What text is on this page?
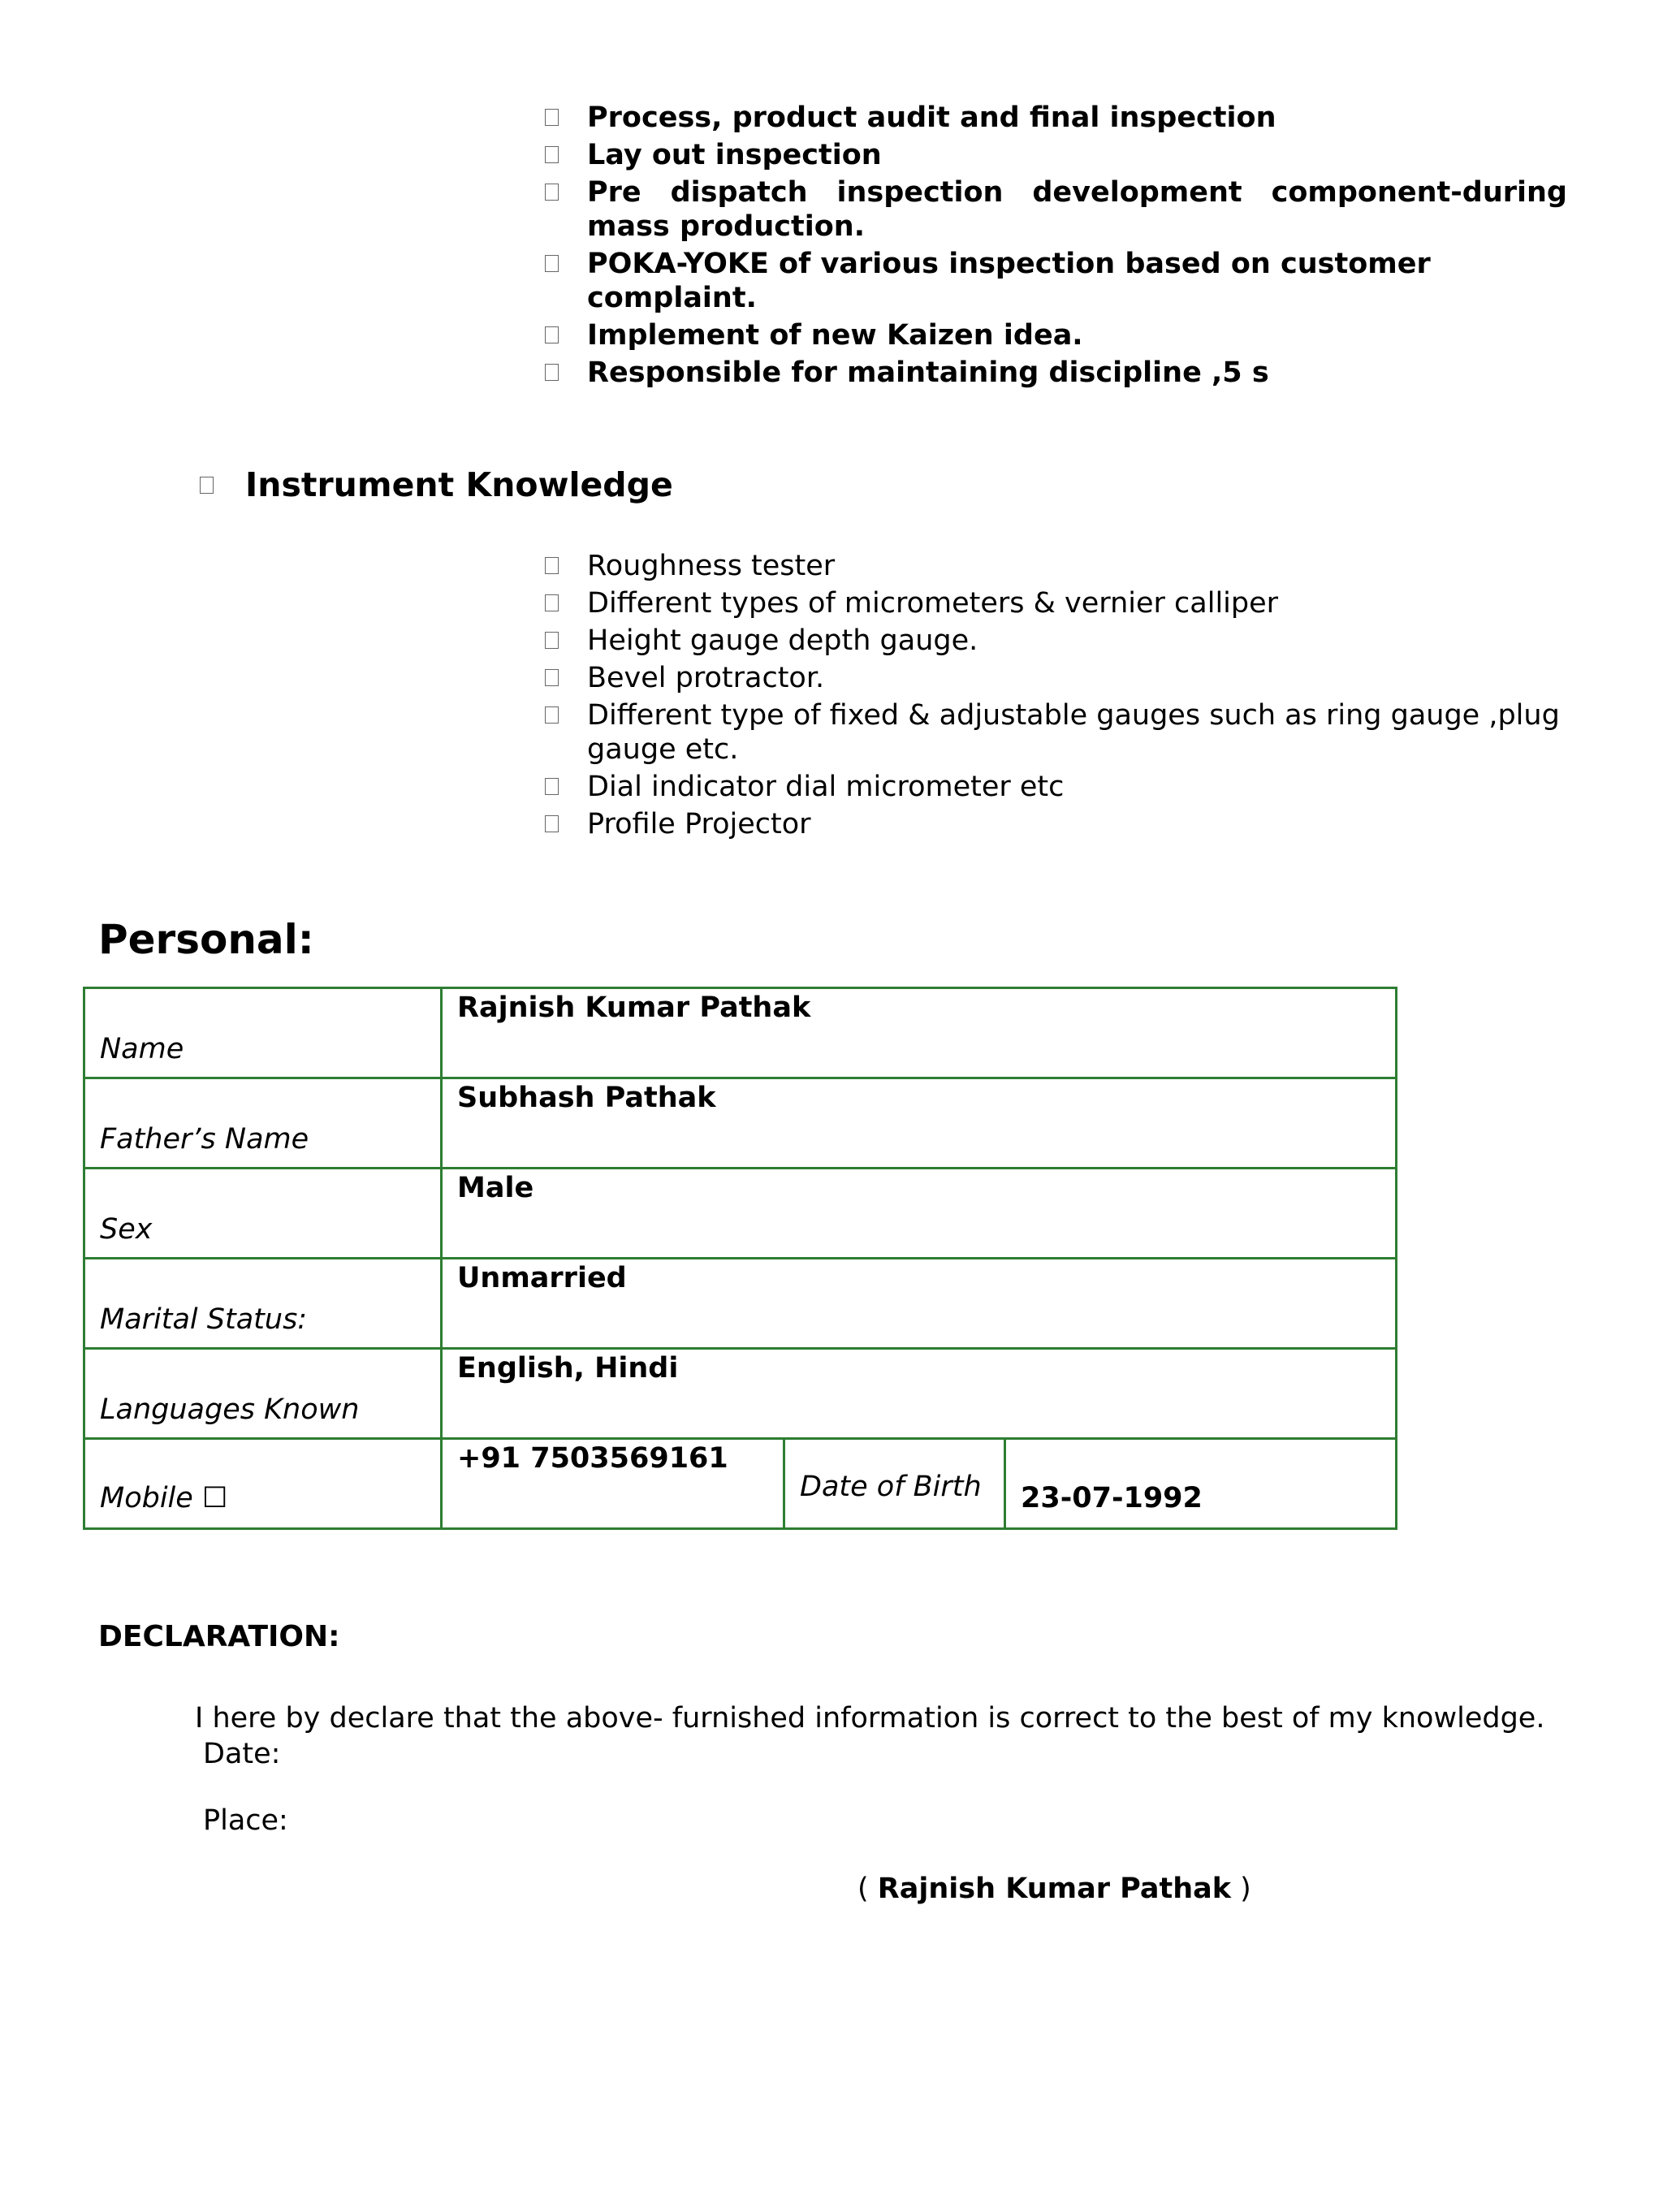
Process, product audit and final inspection
Lay out inspection
Pre dispatch inspection development component-during mass production.
POKA-YOKE of various inspection based on customer complaint.
Implement of new Kaizen idea.
Responsible for maintaining discipline ,5 s
Instrument Knowledge
Roughness tester
Different types of micrometers & vernier calliper
Height gauge depth gauge.
Bevel protractor.
Different type of fixed & adjustable gauges such as ring gauge ,plug gauge etc.
Dial indicator dial micrometer etc
Profile Projector
Personal:
Name	Rajnish Kumar Pathak		

Father’s Name	Subhash Pathak		

Sex	Male		

Marital Status:	Unmarried		

Languages Known	English, Hindi		

Mobile ☐	+91 7503569161	Date of Birth	23-07-1992
DECLARATION:
I here by declare that the above- furnished information is correct to the best of my knowledge.
Date:
Place:
( Rajnish Kumar Pathak )
